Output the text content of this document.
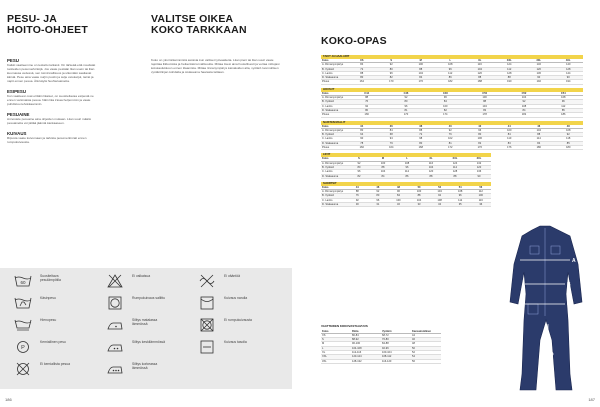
PESU- JA
HOITO-OHJEET
PESU
Kaikki vaatteemme on testattu tarkasti. On tärkeää että noudatat tuotteiden pesumerkintöjä. Jos vaate pestään liian usein tai liian kuumassa vedessä, sen toiminnallisuus ja ulkonäkö saattavat kärsiä. Pese aina vaate nurjin puolin ja sulje vetoketjut, tarrat ja napit ennen pesua. Älä käytä huuhteluainetta.
ESIPESU
Kun vaatteesi ovat erittäin likaiset, on suositeltavaa esipestä ne ennen varsinaista pesua. Näin lika irtoaa helpommin ja vaate puhdistuu tehokkaammin.
PESUAINE
Annostele pesuaine aina ohjeiden mukaan. Liian suuri määrä pesuainetta voi jättää jäämiä kankaaseen.
KUIVAUS
Ripusta vaate kuivumaan ja tarkista pesumerkinnät ennen rumpukuivausta.
60
Suositeltava pesulämpötila
Käsinpesu
Hienopesu
P
Kemiallinen pesu
Ei kemiallista pesua
Ei valkaisua
Rumpukuivaus sallittu
Silitys matalassa lämmössä
Silitys keskilämmössä
Silitys korkeassa lämmössä
Ei vääntöä
Kuivaus narulla
Ei rumpukuivausta
Kuivaus tasolla
186
VALITSE OIKEA
KOKO TARKKAAN
Koko on yksi tärkeimmistä asioista kun valitset työvaatteita. Liian pieni tai liian suuri vaate rajoittaa liikkumista ja heikentää turvallisuutta. Mittaa itsesi aina huolellisesti ja vertaa mittojasi kokotaulukkoon ennen tilaamista. Mittaa rinnanympärys kainaloiden alta, vyötärö luonnollisen vyötärölinjan kohdalta ja sisäsauma haarasta lattiaan.
KOKO-OPAS
TAKIT JA HAALARIT
Koko	XS	S	M	L	XL	XXL	3XL	4XL
A. Rinnanympärys	84	92	100	108	116	124	132	140
B. Vyötärö	72	80	88	96	104	112	120	128
C. Lantio	88	96	104	112	120	128	136	144
D. Sisäsauma	80	82	84	86	88	88	90	90
Pituus	164	170	176	182	188	190	192	194
HOUSUT
Koko	C44	C46	C48	C50	C52	C54
A. Rinnanympärys	88	92	96	100	104	108
B. Vyötärö	76	80	84	88	92	96
C. Lantio	92	96	100	104	108	112
D. Sisäsauma	80	81	82	83	84	85
Pituus	166	170	174	178	182	186
NAISTEN MALLIT
Koko	34	36	38	40	42	44	46	48
A. Rinnanympärys	80	84	88	92	96	100	104	108
B. Vyötärö	64	68	72	76	80	84	88	92
C. Lantio	90	94	98	102	106	110	114	118
D. Sisäsauma	78	79	80	81	82	83	84	85
Pituus	160	164	168	172	176	176	180	180
LIIVIT
Koko	S	M	L	XL	XXL	3XL
A. Rinnanympärys	92	100	108	116	124	132
B. Vyötärö	80	88	96	104	112	120
C. Lantio	96	104	112	120	128	136
D. Sisäsauma	82	84	86	88	88	90
SHORTSIT
Koko	44	46	48	50	52	54	56
A. Rinnanympärys	88	92	96	100	104	108	112
B. Vyötärö	76	80	84	88	92	96	100
C. Lantio	92	96	100	104	108	112	116
D. Sisäsauma	30	31	32	33	34	35	36
VAATTEIDEN KOKOVASTAAVUUS
Koko	Rinta	Vyötärö	Kansainvälinen
XS	80-84	68-72	44
S	88-92	76-80	46
M	96-100	84-88	48
L	104-108	92-96	50
XL	112-116	100-104	52
XXL	120-124	108-112	54
3XL	128-132	116-120	56
A
B
C
D
187
